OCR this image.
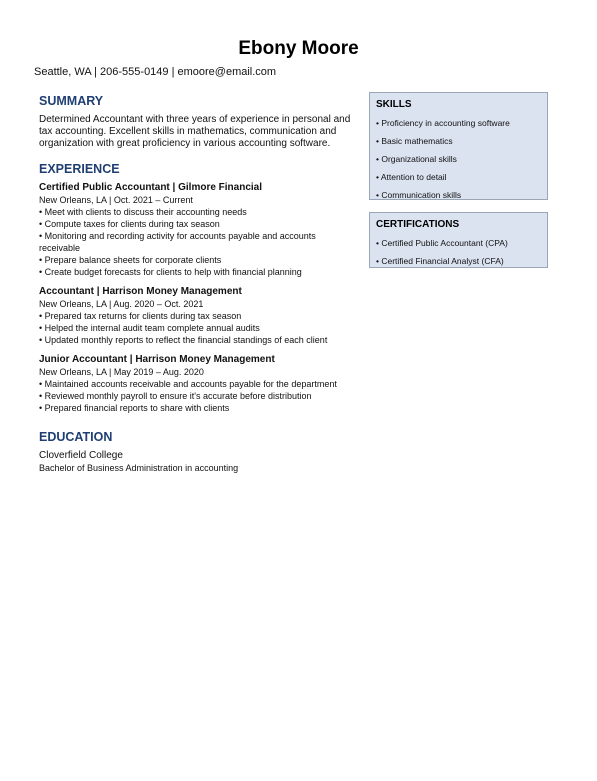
Ebony Moore
Seattle, WA | 206-555-0149 | emoore@email.com
SUMMARY

Determined Accountant with three years of experience in personal and tax accounting. Excellent skills in mathematics, communication and organization with great proficiency in various accounting software.

EXPERIENCE
Certified Public Accountant | Gilmore Financial
New Orleans, LA | Oct. 2021 – Current
• Meet with clients to discuss their accounting needs
• Compute taxes for clients during tax season
• Monitoring and recording activity for accounts payable and accounts receivable
• Prepare balance sheets for corporate clients
• Create budget forecasts for clients to help with financial planning
Accountant | Harrison Money Management
New Orleans, LA | Aug. 2020 – Oct. 2021
• Prepared tax returns for clients during tax season
• Helped the internal audit team complete annual audits
• Updated monthly reports to reflect the financial standings of each client
Junior Accountant | Harrison Money Management
New Orleans, LA | May 2019 – Aug. 2020
• Maintained accounts receivable and accounts payable for the department
• Reviewed monthly payroll to ensure it's accurate before distribution
• Prepared financial reports to share with clients
EDUCATION
Cloverfield College
Bachelor of Business Administration in accounting
SKILLS
• Proficiency in accounting software
• Basic mathematics
• Organizational skills
• Attention to detail
• Communication skills
CERTIFICATIONS
• Certified Public Accountant (CPA)
• Certified Financial Analyst (CFA)
